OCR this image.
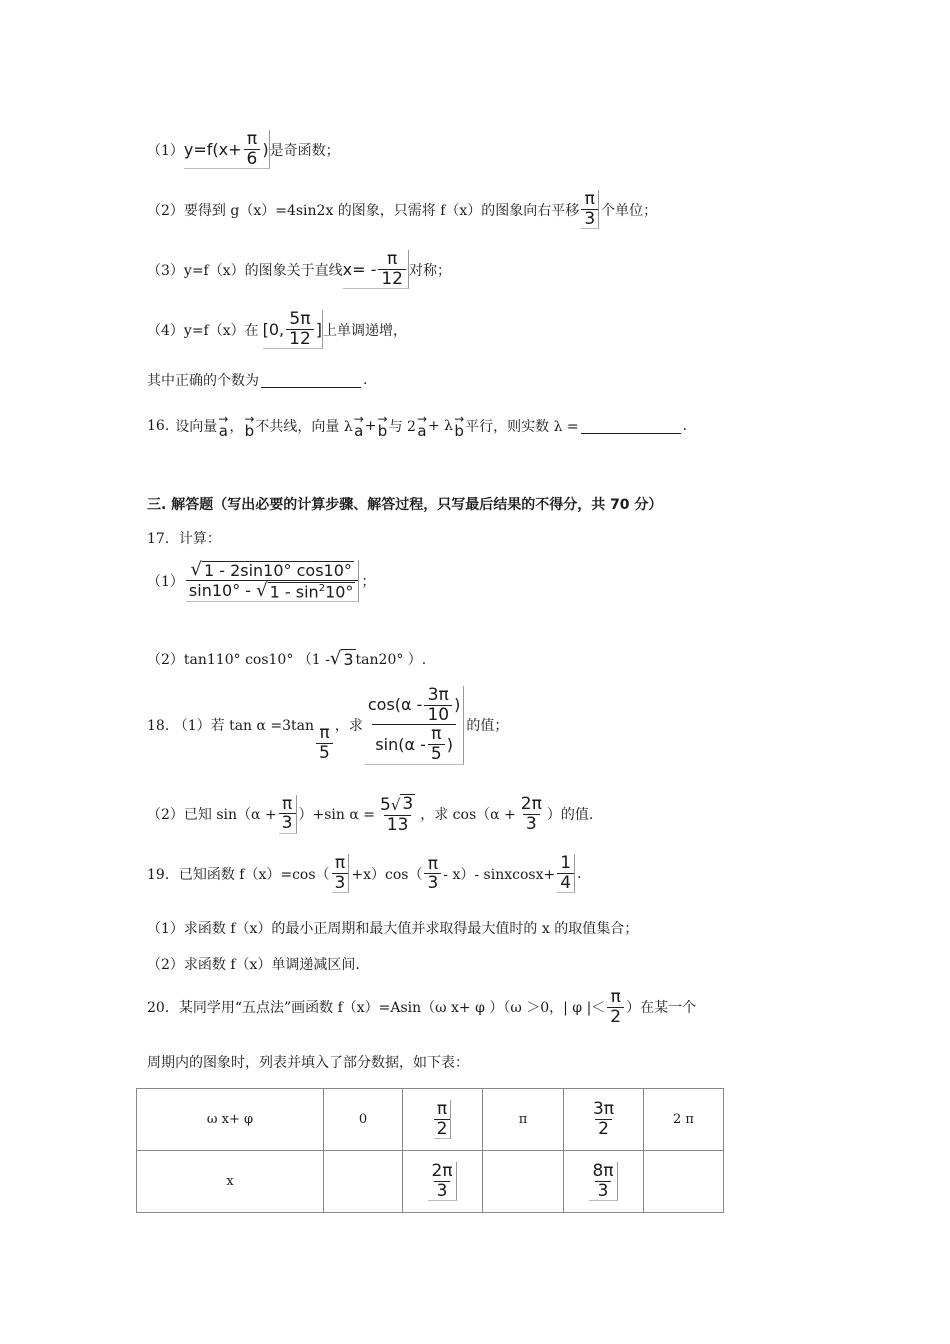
（1） $y=f(x+ \frac{\pi}{6}$ ) 是奇函数；
（2）要得到 g（x）=4sin2x 的图象，只需将 f（x）的图象向右平移 $\frac{\pi}{3}$ 个单位；
（3）y=f（x）的图象关于直线 $x= - \frac{\pi}{12}$ 对称；
（4）y=f（x）在 [0, $\frac{5\pi}{12}$ ] 上单调递增，
其中正确的个数为	.
16. 设向量
→
a ，
→
b 不共线，向量 λ
→
a + →
b 与 2
→
a + λ →
b 平行，则实数 λ =	.
三. 解答题（写出必要的计算步骤、解答过程，只写最后结果的不得分，共 70 分）
17．计算：
$(1) \frac{√ 1 - 2\sin 10^\circ \cos 10^\circ}{\sin 10^\circ - √ 1 - \sin^210^\circ}$ ；
（2）tan110° cos10° （1 - √ 3 tan20° ）.
18. （1）若 $\tan \alpha =3\tan \frac{\pi}{5}$ ，求 $\frac{\cos(\alpha - \frac{3\pi}{10} )}{\sin(\alpha - \frac{\pi}{5} )}$ 的值；
（2）已知 $\sin(\alpha + \frac{\pi}{3} )+\sin$ $\alpha = \frac{5 √ 3}{13}$ ，求 $\cos(\alpha + \frac{2\pi}{3}$ ）的值.
19．已知函数 $f(x)=\cos( \frac{\pi}{3} +x)\cos( \frac{\pi}{3} - x)-$ sinxcosx+ $\frac{1}{4}$ .
（1）求函数 f（x）的最小正周期和最大值并求取得最大值时的 x 的取值集合；
（2）求函数 f（x）单调递减区间.
20．某同学用“五点法”画函数 f（x）=Asin（ω x+ φ ）（ω ＞0，| φ |＜ $\frac{\pi}{2}$ ）在某一个
周期内的图象时，列表并填入了部分数据，如下表：
ω x+ φ	0	$\frac{\pi}{2}$	π	$\frac{3\pi}{2}$	2 π
x		$\frac{2\pi}{3}$		$\frac{8\pi}{3}$
